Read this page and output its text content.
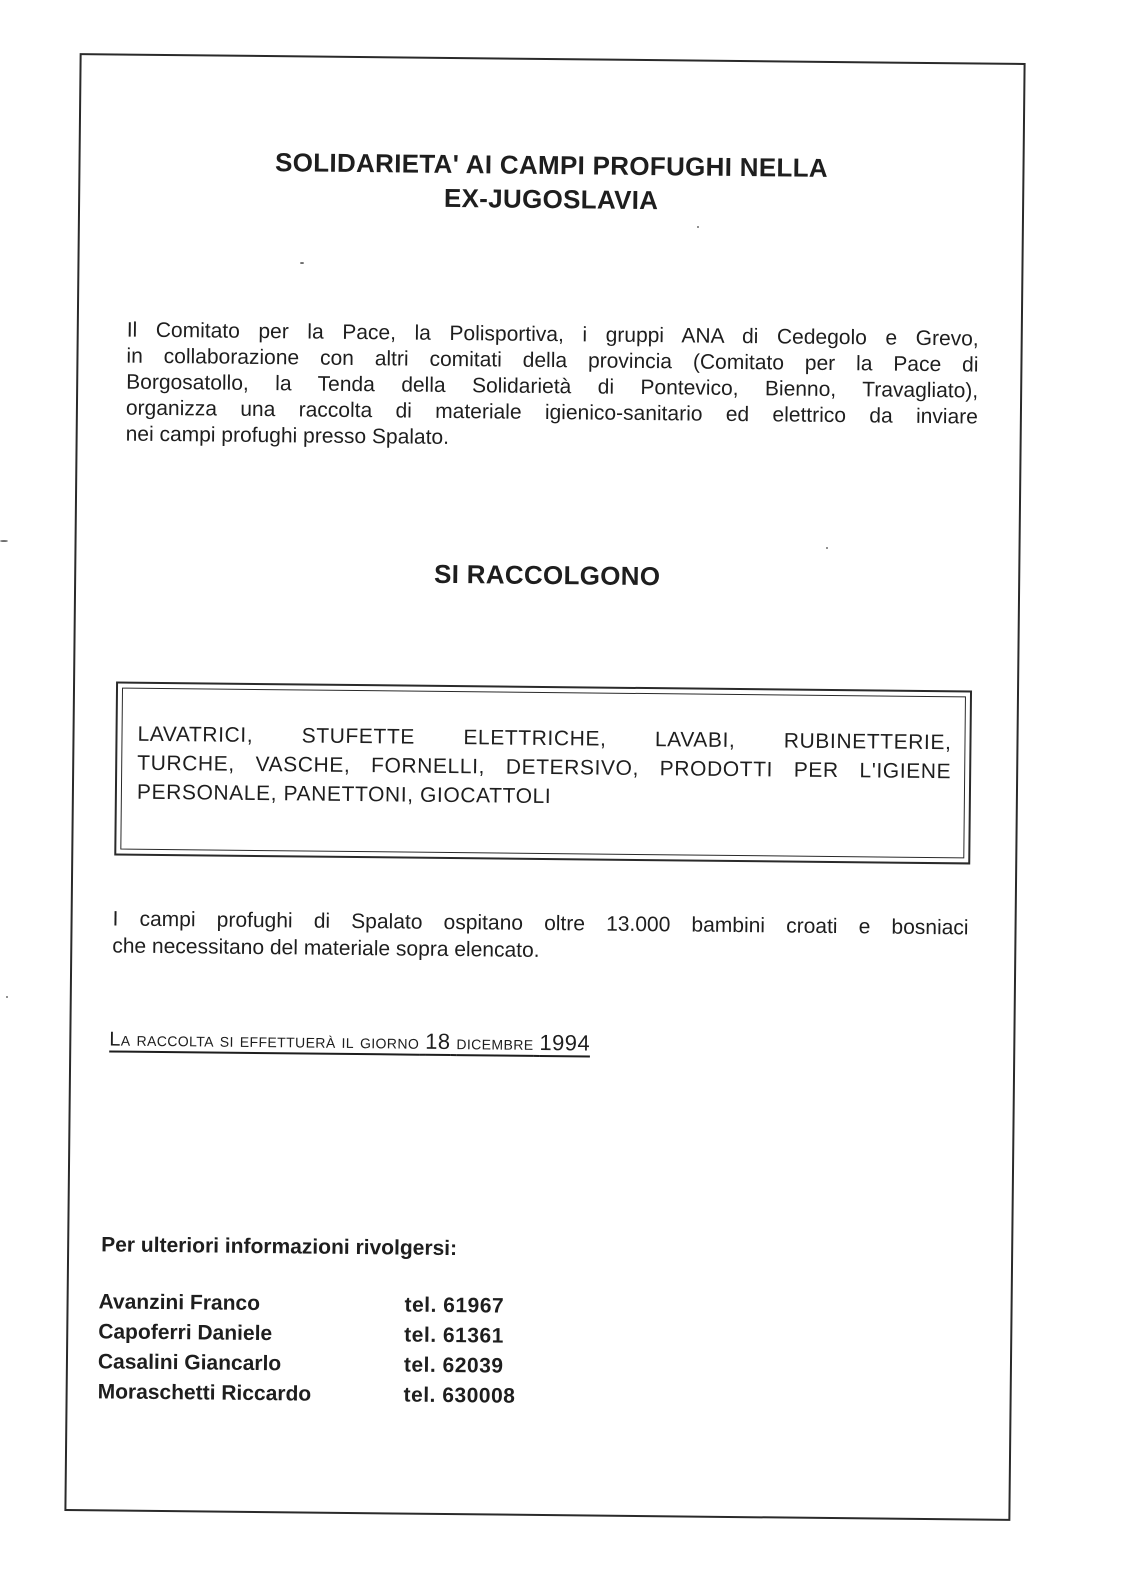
SOLIDARIETA' AI CAMPI PROFUGHI NELLA
EX-JUGOSLAVIA
Il Comitato per la Pace, la Polisportiva, i gruppi ANA di Cedegolo e Grevo,
in collaborazione con altri comitati della provincia (Comitato per la Pace di
Borgosatollo, la Tenda della Solidarietà di Pontevico, Bienno, Travagliato),
organizza una raccolta di materiale igienico-sanitario ed elettrico da inviare
nei campi profughi presso Spalato.
SI RACCOLGONO
LAVATRICI, STUFETTE ELETTRICHE, LAVABI, RUBINETTERIE,
TURCHE, VASCHE, FORNELLI, DETERSIVO, PRODOTTI PER L'IGIENE
PERSONALE, PANETTONI, GIOCATTOLI
I campi profughi di Spalato ospitano oltre 13.000 bambini croati e bosniaci
che necessitano del materiale sopra elencato.
La raccolta si effettuerà il giorno 18 dicembre 1994
Per ulteriori informazioni rivolgersi:
Avanzini Franco	tel. 61967
Capoferri Daniele	tel. 61361
Casalini Giancarlo	tel. 62039
Moraschetti Riccardo	tel. 630008
